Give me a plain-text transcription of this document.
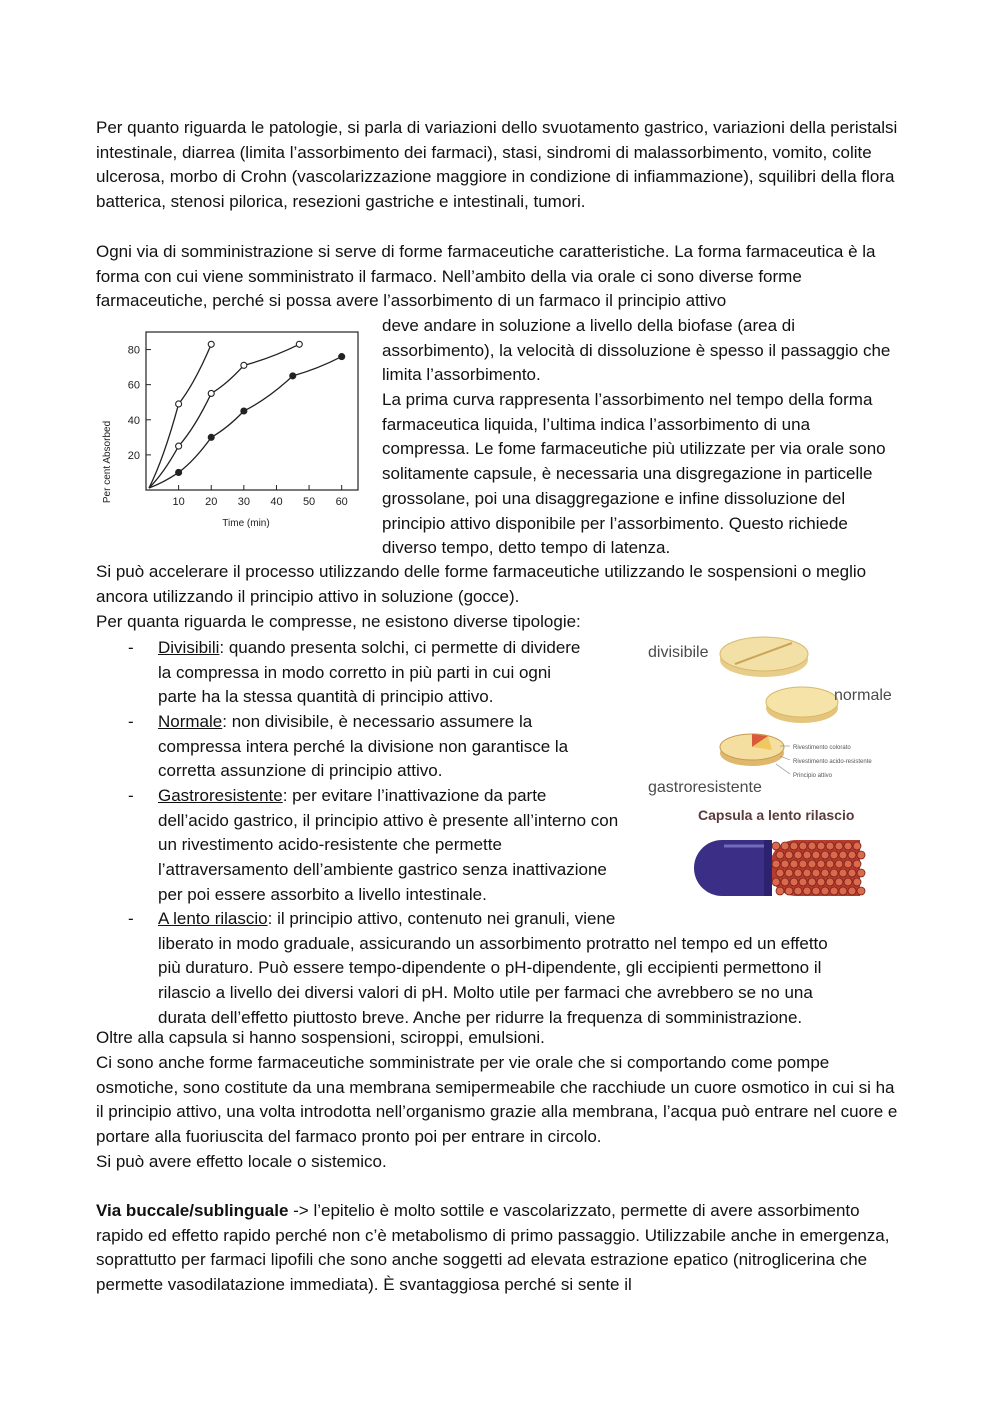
Per quanto riguarda le patologie, si parla di variazioni dello svuotamento gastrico, variazioni della peristalsi intestinale, diarrea (limita l’assorbimento dei farmaci), stasi, sindromi di malassorbimento, vomito, colite ulcerosa, morbo di Crohn (vascolarizzazione maggiore in condizione di infiammazione), squilibri della flora batterica, stenosi pilorica, resezioni gastriche e intestinali, tumori.

Ogni via di somministrazione si serve di forme farmaceutiche caratteristiche. La forma farmaceutica è la forma con cui viene somministrato il farmaco. Nell’ambito della via orale ci sono diverse forme farmaceutiche, perché si possa avere l’assorbimento di un farmaco il principio attivo

10 20 30 40 50 60
20
40
60
80
Per cent Absorbed
Time (min)

deve andare in soluzione a livello della biofase (area di assorbimento), la velocità di dissoluzione è spesso il passaggio che limita l’assorbimento.

La prima curva rappresenta l’assorbimento nel tempo della forma farmaceutica liquida, l’ultima indica l’assorbimento di una compressa. Le fome farmaceutiche più utilizzate per via orale sono solitamente capsule, è necessaria una disgregazione in particelle grossolane, poi una disaggregazione e infine dissoluzione del principio attivo disponibile per l’assorbimento. Questo richiede diverso tempo, detto tempo di latenza.

Si può accelerare il processo utilizzando delle forme farmaceutiche utilizzando le sospensioni o meglio ancora utilizzando il principio attivo in soluzione (gocce).

Per quanta riguarda le compresse, ne esistono diverse tipologie:

- Divisibili: quando presenta solchi, ci permette di dividere
la compressa in modo corretto in più parti in cui ogni
parte ha la stessa quantità di principio attivo.
- Normale: non divisibile, è necessario assumere la
compressa intera perché la divisione non garantisce la
corretta assunzione di principio attivo.
- Gastroresistente: per evitare l’inattivazione da parte
dell’acido gastrico, il principio attivo è presente all’interno con
un rivestimento acido-resistente che permette
l’attraversamento dell’ambiente gastrico senza inattivazione
per poi essere assorbito a livello intestinale.
- A lento rilascio: il principio attivo, contenuto nei granuli, viene
liberato in modo graduale, assicurando un assorbimento protratto nel tempo ed un effetto
più duraturo. Può essere tempo-dipendente o pH-dipendente, gli eccipienti permettono il
rilascio a livello dei diversi valori di pH. Molto utile per farmaci che avrebbero se no una
durata dell’effetto piuttosto breve. Anche per ridurre la frequenza di somministrazione.
divisibile
normale
Rivestimento colorato
Rivestimento acido-resistente
Principio attivo
gastroresistente
Capsula a lento rilascio

Oltre alla capsula si hanno sospensioni, sciroppi, emulsioni.

Ci sono anche forme farmaceutiche somministrate per vie orale che si comportando come pompe osmotiche, sono costitute da una membrana semipermeabile che racchiude un cuore osmotico in cui si ha il principio attivo, una volta introdotta nell’organismo grazie alla membrana, l’acqua può entrare nel cuore e portare alla fuoriuscita del farmaco pronto poi per entrare in circolo.

Si può avere effetto locale o sistemico.

Via buccale/sublinguale -> l’epitelio è molto sottile e vascolarizzato, permette di avere assorbimento rapido ed effetto rapido perché non c’è metabolismo di primo passaggio. Utilizzabile anche in emergenza, soprattutto per farmaci lipofili che sono anche soggetti ad elevata estrazione epatico (nitroglicerina che permette vasodilatazione immediata). È svantaggiosa perché si sente il
